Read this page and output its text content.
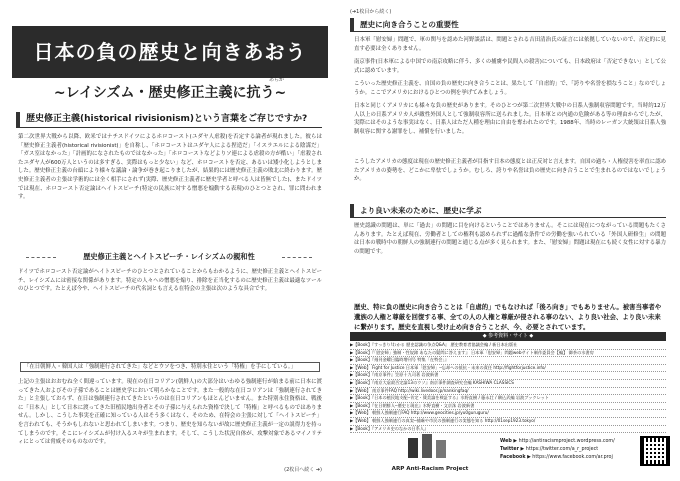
日本の負の歴史と向きあおう
~レイシズム・歴史修正主義に抗う~
あらが
歴史修正主義(historical rivisionism)という言葉をご存じですか?
第二次世界大戦から以降、欧米ではナチスドイツによるホロコースト(ユダヤ人虐殺)を否定する論者が現れました。彼らは「歴史修正主義者(historical rivisionist)」を自称し、「ホロコーストはユダヤ人による捏造だ」「イスラエルによる陰謀だ」「ガス室はなかった」「計画的になされたものではなかった」「ホロコーストなどよりソ連による虐殺の方が酷い」「虐殺されたユダヤ人が600万人というのは多すぎる、実際はもっと少ない」など、ホロコーストを否定、あるいは矮小化しようとしました。歴史修正主義の台頭により様々な議論・論争が巻き起こりましたが、結果的には歴史修正主義の敗北に終わります。歴史修正主義者の主張は学術的には全く相手にされず(実際、歴史修正主義者に歴史学者と呼べる人は皆無でした)、またドイツでは現在、ホロコースト否定論はヘイトスピーチ(特定の民族に対する憎悪を煽動する表現)のひとつとされ、罪に問われます。
歴史修正主義とヘイトスピーチ・レイシズムの親和性
ドイツでホロコースト否定論がヘイトスピーチのひとつとされていることからもわかるように、歴史修正主義とヘイトスピーチ、レイシズムには密接な関係があります。特定の人々への憎悪を煽り、排除を正当化するのに歴史修正主義は最適なツールのひとつです。たとえば今や、ヘイトスピーチの代名詞とも言える在特会の主張は次のような具合です。
「在日朝鮮人・韓国人は「強制連行されてきた」などとウソをつき、特別永住という「特権」を手にしている。」
上記の主張はおおむね全く間違っています。現在の在日コリアン(朝鮮人)の大部分はいわゆる強制連行が始まる前に日本に渡ってきた人およびその子孫であることは歴史学において明らかなことです。また一般的な在日コリアンは「強制連行されてきた」と主張しておらず、在日は強制連行されてきたというのは在日コリアンもほとんどいません。また特別永住資格は、戦後に「日本人」として日本に渡ってきた旧植民地出身者とその子孫に与えられた資格で決して「特権」と呼べるものではありません。しかし、こうした事実を正確に知っている人はそう多くはなく、そのため、在特会の主張に対して「ヘイトスピーチ」を言われても、そうかもしれないと思われてしまいます。つまり、歴史を知らないが故に歴史修正主義が一定の説得力を持ってしまうのです。そこにレイシズムが付け入るスキが生まれます。そして、こうした状況自体が、攻撃対象であるマイノリティにとっては脅威そのものなのです。
(2枚目へ続く ➔)
(➔1枚目から続く)
歴史に向き合うことの重要性
日本軍「慰安婦」問題で、軍の関与を認めた河野談話は、問題とされる吉田清治氏の証言には依拠していないので、否定的に見直す必要は全くありません。
南京事件(日本軍による中国での南京攻略に伴う、多くの捕虜や民間人の殺害)についても、日本政府は「否定できない」として公式に認めています。
こういった歴史修正主義を、自国の負の歴史に向き合うことは、果たして「自虐的」で、「誇りや名誉を損なうこと」なのでしょうか。ここでアメリカにおけるひとつの例を挙げてみましょう。
日本と同じくアメリカにも様々な負の歴史があります。そのひとつが第二次世界大戦中の日系人強制収容問題です。当時約12万人以上の日系アメリカ人が敵性外国人として強制収容所に送られました。日本軍との内通の危険がある等の理由からでしたが、実際にはそのような事実はなく、日系人はただ人種を理由に自由を奪われたのです。1988年、当時のレーガン大統領は日系人強制収容に関する謝罪をし、補償を行いました。
こうしたアメリカの態度は現在の歴史修正主義者が目指す日本の態度とは正反対と言えます。自国の過ち・人権侵害を率直に認めたアメリカの姿勢を、どこかに卑怯でしょうか。むしろ、誇りや名誉は負の歴史に向き合うことで生まれるのではないでしょうか。
より良い未来のために、歴史に学ぶ
歴史認識の問題は、単に「過去」の問題に目を向けるということではありません。そこには現在につながっている問題もたくさんあります。たとえば現在、労働者としての権利も認められずに過酷な条件での労働を強いられている「外国人研修生」の問題は日本の戦時中の朝鮮人の強制連行の問題と通じる点が多く見られます。また、「慰安婦」問題は現在にも続く女性に対する暴力の問題です。
歴史、特に負の歴史に向き合うことは「自虐的」でもなければ「後ろ向き」でもありません。被害当事者や遺族の人権と尊厳を回復する事、全ての人の人権と尊厳が侵される事のない、より良い社会、より良い未来に繋がります。歴史を直視し受け止め向き合うことが、今、必要とされています。
◆ 参考資料・サイト ◆
▶【Book】『すっきり!わかる 歴史認識の争点Q&A』 歴史教育者協議会編 / 新日本出版社
▶【Book】『「慰安婦」強制・性奴隷 あなたの疑問に答えます』 日本軍「慰安婦」問題webサイト制作委員会【編】 御茶の水書房
▶【Book】『週刊金曜日臨時増刊号 特集「在特会」』
▶【Web】 Fight for Justice 日本軍「慰安婦」─忘却への抵抗・未来の責任 http://fightforjustice.info/
▶【Book】『南京事件』笠原十九司著 岩波新書
▶【Book】『南京大虐殺否定論13のウソ』南京事件調査研究会編 KASHIWA CLASSICS
▶【Web】 南京事件FAQ http://wiki.livedoor.jp/nankingfaq/
▶【Book】『日本の植民地支配─肯定・賛美論を検証する』水野直樹 / 藤永壮 / 駒込武編 岩波ブックレット
▶【Book】『在日朝鮮人─歴史と現在』水野直樹・文京洙 岩波新書
▶【Web】 朝鮮人強制連行FAQ http://www.geocities.jp/yu0guruguru/
▶【Web】 朝鮮人強制連行の真実─捕虜や市民の強制連行の実態を知る http://01sep1923.tokyo/
▶【Book】『アメリカ史のなかの日系人』
ARP Anti-Racism Project
Web ▶ http://antiracismproject.wordpress.com/
Twitter ▶ https://twitter.com/a_r_project
Facebook ▶ https://www.facebook.com/ar.proj
